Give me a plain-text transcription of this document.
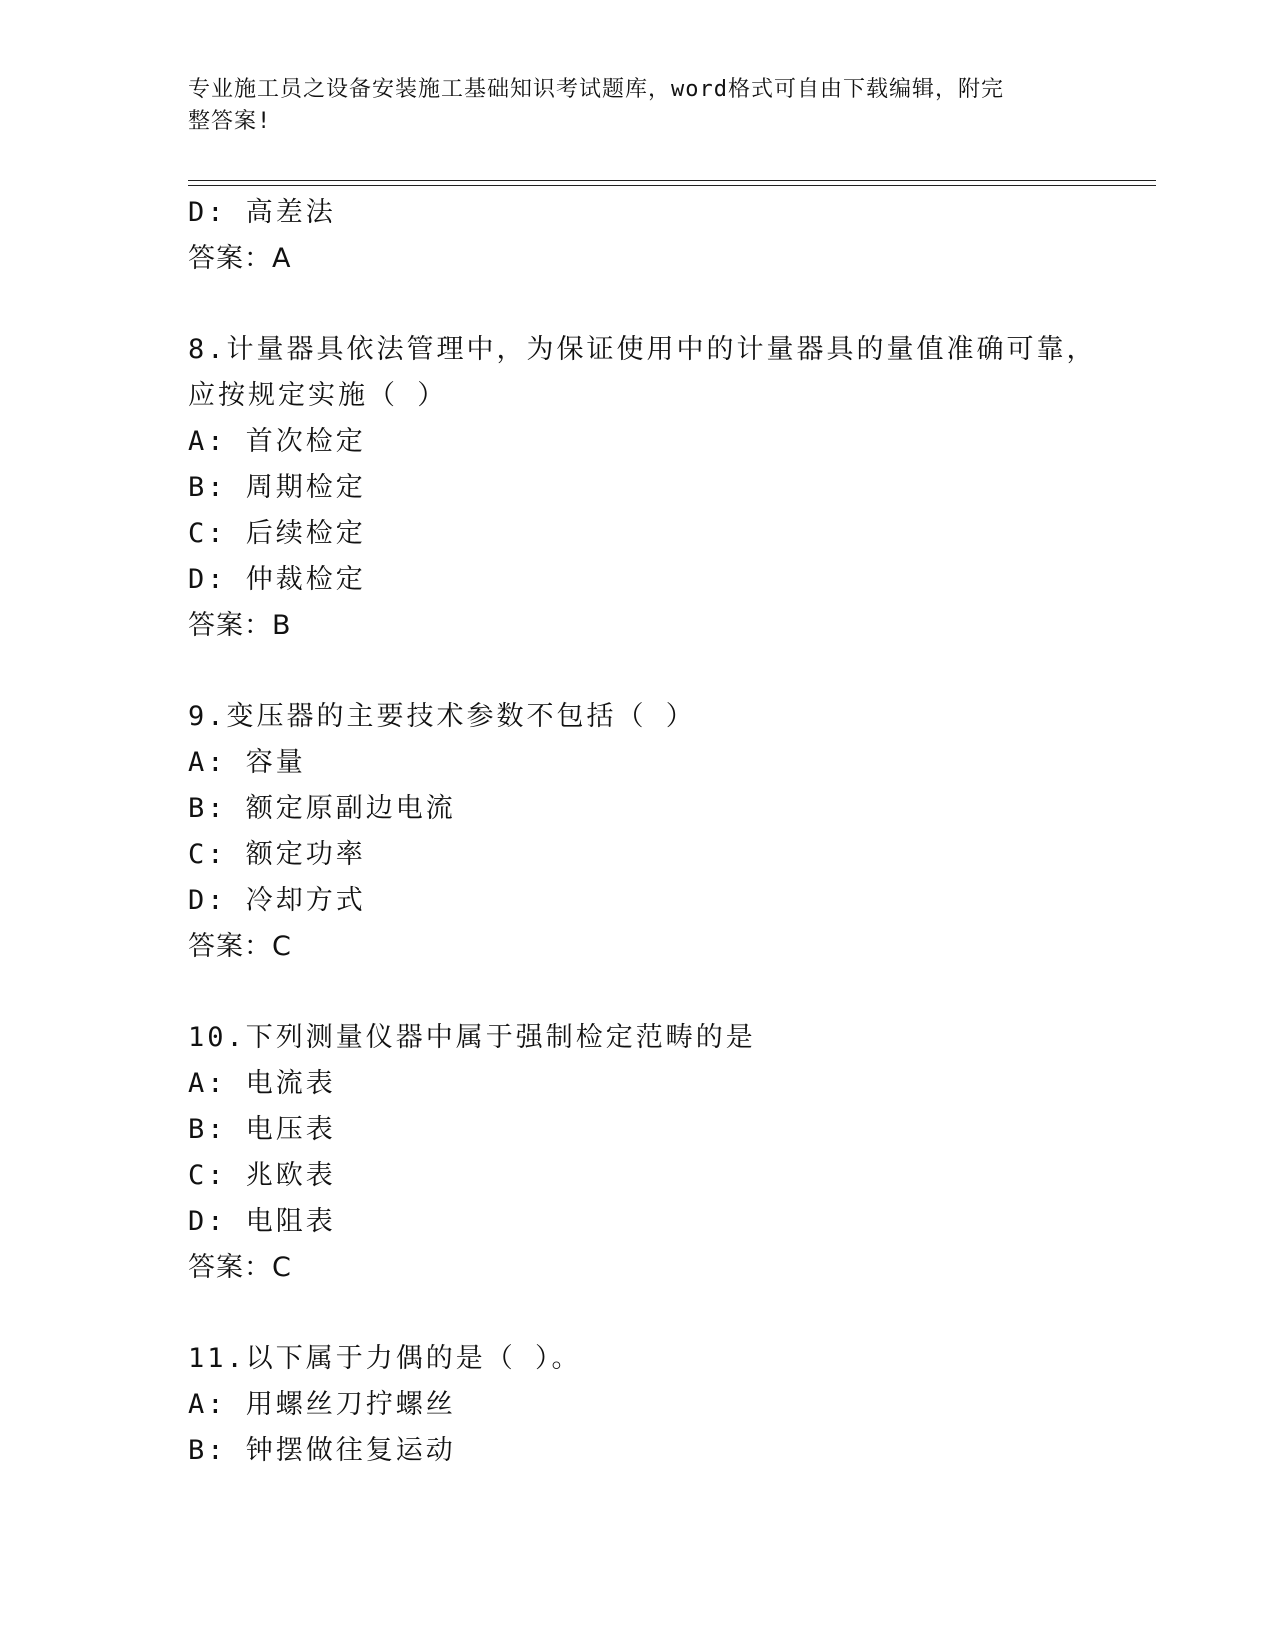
专业施工员之设备安装施工基础知识考试题库，word格式可自由下载编辑，附完
整答案!
D: 高差法
答案：A
8.计量器具依法管理中，为保证使用中的计量器具的量值准确可靠，
应按规定实施（ ）
A: 首次检定
B: 周期检定
C: 后续检定
D: 仲裁检定
答案：B
9.变压器的主要技术参数不包括（ ）
A: 容量
B: 额定原副边电流
C: 额定功率
D: 冷却方式
答案：C
10.下列测量仪器中属于强制检定范畴的是
A: 电流表
B: 电压表
C: 兆欧表
D: 电阻表
答案：C
11.以下属于力偶的是（ ）。
A: 用螺丝刀拧螺丝
B: 钟摆做往复运动
